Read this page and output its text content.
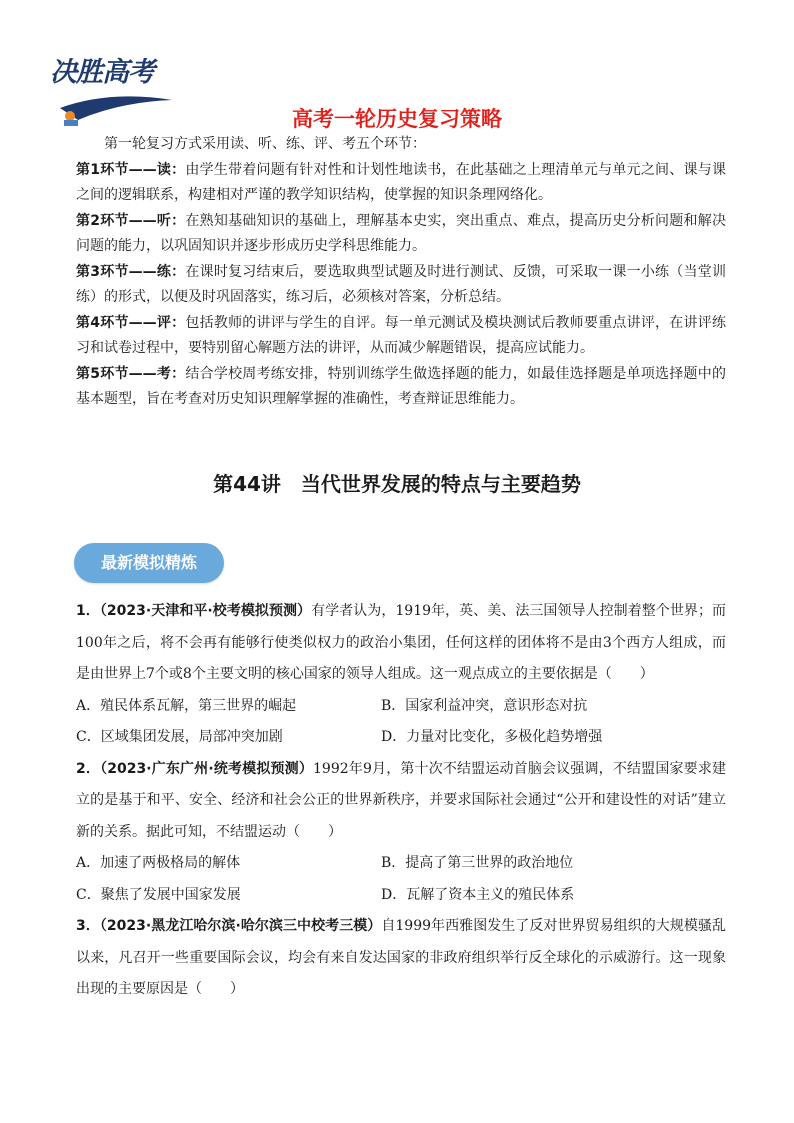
决胜高考
高考一轮历史复习策略

第一轮复习方式采用读、听、练、评、考五个环节：

第1环节——读：由学生带着问题有针对性和计划性地读书，在此基础之上理清单元与单元之间、课与课之间的逻辑联系，构建相对严谨的教学知识结构，使掌握的知识条理网络化。

第2环节——听：在熟知基础知识的基础上，理解基本史实，突出重点、难点，提高历史分析问题和解决问题的能力，以巩固知识并逐步形成历史学科思维能力。

第3环节——练：在课时复习结束后，要选取典型试题及时进行测试、反馈，可采取一课一小练（当堂训练）的形式，以便及时巩固落实，练习后，必须核对答案，分析总结。

第4环节——评：包括教师的讲评与学生的自评。每一单元测试及模块测试后教师要重点讲评，在讲评练习和试卷过程中，要特别留心解题方法的讲评，从而减少解题错误，提高应试能力。

第5环节——考：结合学校周考练安排，特别训练学生做选择题的能力，如最佳选择题是单项选择题中的基本题型，旨在考查对历史知识理解掌握的准确性，考查辩证思维能力。

第44讲　当代世界发展的特点与主要趋势
最新模拟精炼

1．（2023·天津和平·校考模拟预测）有学者认为，1919年，英、美、法三国领导人控制着整个世界；而100年之后，将不会再有能够行使类似权力的政治小集团，任何这样的团体将不是由3个西方人组成，而是由世界上7个或8个主要文明的核心国家的领导人组成。这一观点成立的主要依据是（　　）

A．殖民体系瓦解，第三世界的崛起	B．国家利益冲突，意识形态对抗
C．区域集团发展，局部冲突加剧	D．力量对比变化，多极化趋势增强

2．（2023·广东广州·统考模拟预测）1992年9月，第十次不结盟运动首脑会议强调，不结盟国家要求建立的是基于和平、安全、经济和社会公正的世界新秩序，并要求国际社会通过“公开和建设性的对话”建立新的关系。据此可知，不结盟运动（　　）

A．加速了两极格局的解体	B．提高了第三世界的政治地位
C．聚焦了发展中国家发展	D．瓦解了资本主义的殖民体系

3．（2023·黑龙江哈尔滨·哈尔滨三中校考三模）自1999年西雅图发生了反对世界贸易组织的大规模骚乱以来，凡召开一些重要国际会议，均会有来自发达国家的非政府组织举行反全球化的示威游行。这一现象出现的主要原因是（　　）
